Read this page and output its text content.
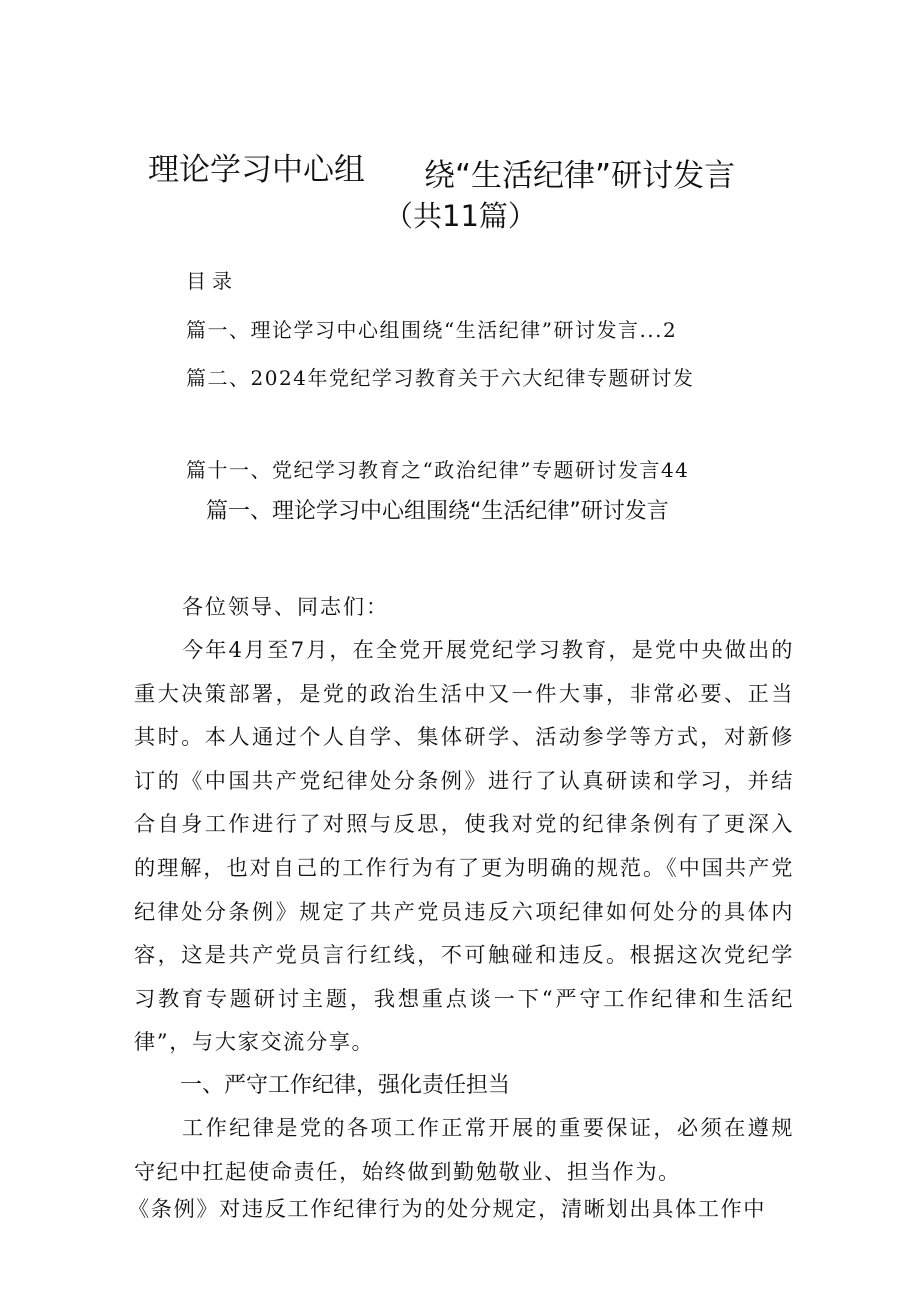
理论学习中心组 绕“生活纪律”研讨发言
（共11篇）
目录
篇一、理论学习中心组围绕“生活纪律”研讨发言...2
篇二、2024年党纪学习教育关于六大纪律专题研讨发
篇十一、党纪学习教育之“政治纪律”专题研讨发言44
篇一、理论学习中心组围绕“生活纪律”研讨发言
各位领导、同志们：
今年4月至7月，在全党开展党纪学习教育，是党中央做出的重大决策部署，是党的政治生活中又一件大事，非常必要、正当其时。本人通过个人自学、集体研学、活动参学等方式，对新修订的《中国共产党纪律处分条例》进行了认真研读和学习，并结合自身工作进行了对照与反思，使我对党的纪律条例有了更深入的理解，也对自己的工作行为有了更为明确的规范。《中国共产党纪律处分条例》规定了共产党员违反六项纪律如何处分的具体内容，这是共产党员言行红线，不可触碰和违反。根据这次党纪学习教育专题研讨主题，我想重点谈一下“严守工作纪律和生活纪律”，与大家交流分享。
一、严守工作纪律，强化责任担当
工作纪律是党的各项工作正常开展的重要保证，必须在遵规守纪中扛起使命责任，始终做到勤勉敬业、担当作为。
《条例》对违反工作纪律行为的处分规定，清晰划出具体工作中
